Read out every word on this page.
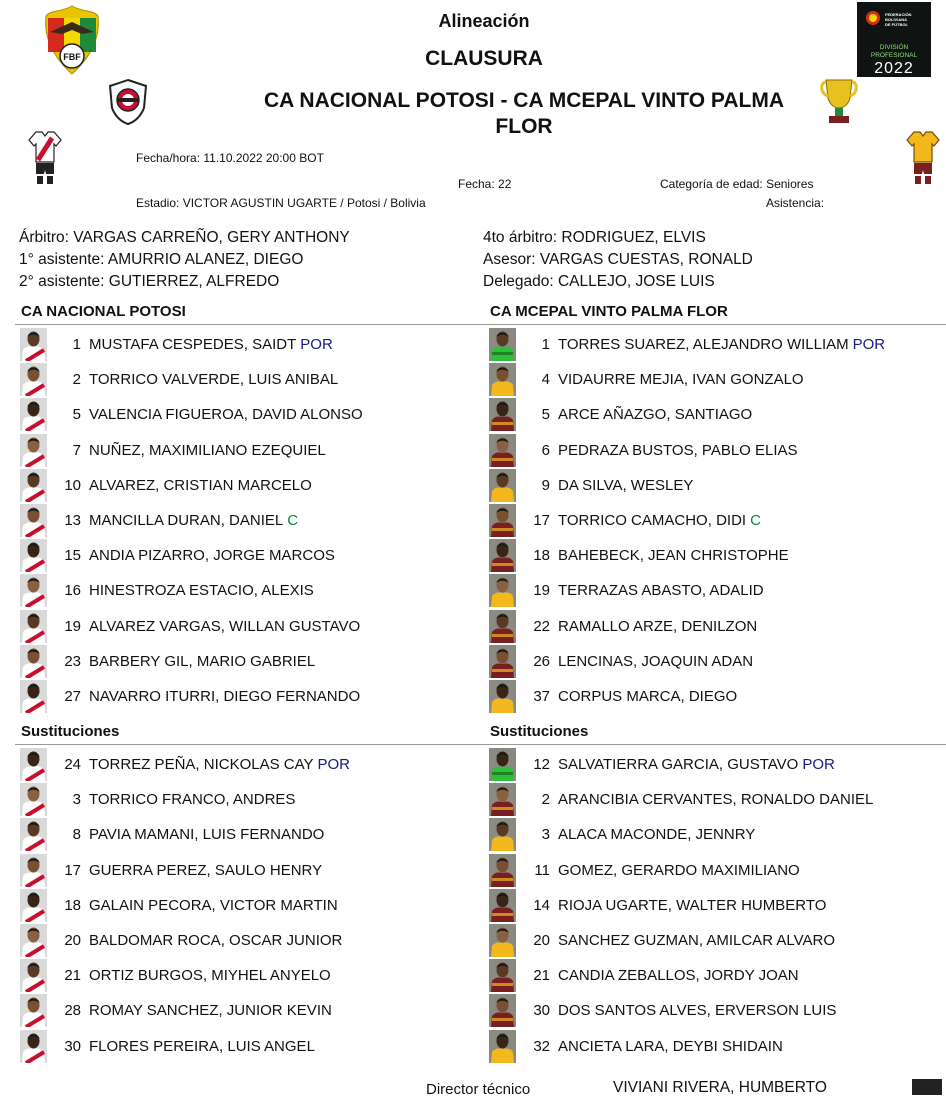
FBF
FEDERACIÓN
BOLIVIANA
DE FÚTBOL
DIVISIÓN
PROFESIONAL
2022
Alineación
CLAUSURA
CA NACIONAL POTOSI - CA MCEPAL VINTO PALMA
FLOR
Fecha/hora: 11.10.2022 20:00 BOT
Fecha: 22	Categoría de edad: Seniores
Estadio: VICTOR AGUSTIN UGARTE / Potosi / Bolivia	Asistencia:
Árbitro: VARGAS CARREÑO, GERY ANTHONY
1° asistente: AMURRIO ALANEZ, DIEGO
2° asistente: GUTIERREZ, ALFREDO
4to árbitro: RODRIGUEZ, ELVIS
Asesor: VARGAS CUESTAS, RONALD
Delegado: CALLEJO, JOSE LUIS
CA NACIONAL POTOSI	CA MCEPAL VINTO PALMA FLOR
Sustituciones	Sustituciones
1 MUSTAFA CESPEDES, SAIDT POR
2 TORRICO VALVERDE, LUIS ANIBAL
5 VALENCIA FIGUEROA, DAVID ALONSO
7 NUÑEZ, MAXIMILIANO EZEQUIEL
10 ALVAREZ, CRISTIAN MARCELO
13 MANCILLA DURAN, DANIEL C
15 ANDIA PIZARRO, JORGE MARCOS
16 HINESTROZA ESTACIO, ALEXIS
19 ALVAREZ VARGAS, WILLAN GUSTAVO
23 BARBERY GIL, MARIO GABRIEL
27 NAVARRO ITURRI, DIEGO FERNANDO
1 TORRES SUAREZ, ALEJANDRO WILLIAM POR
4 VIDAURRE MEJIA, IVAN GONZALO
5 ARCE AÑAZGO, SANTIAGO
6 PEDRAZA BUSTOS, PABLO ELIAS
9 DA SILVA, WESLEY
17 TORRICO CAMACHO, DIDI C
18 BAHEBECK, JEAN CHRISTOPHE
19 TERRAZAS ABASTO, ADALID
22 RAMALLO ARZE, DENILZON
26 LENCINAS, JOAQUIN ADAN
37 CORPUS MARCA, DIEGO
24 TORREZ PEÑA, NICKOLAS CAY POR
3 TORRICO FRANCO, ANDRES
8 PAVIA MAMANI, LUIS FERNANDO
17 GUERRA PEREZ, SAULO HENRY
18 GALAIN PECORA, VICTOR MARTIN
20 BALDOMAR ROCA, OSCAR JUNIOR
21 ORTIZ BURGOS, MIYHEL ANYELO
28 ROMAY SANCHEZ, JUNIOR KEVIN
30 FLORES PEREIRA, LUIS ANGEL
12 SALVATIERRA GARCIA, GUSTAVO POR
2 ARANCIBIA CERVANTES, RONALDO DANIEL
3 ALACA MACONDE, JENNRY
11 GOMEZ, GERARDO MAXIMILIANO
14 RIOJA UGARTE, WALTER HUMBERTO
20 SANCHEZ GUZMAN, AMILCAR ALVARO
21 CANDIA ZEBALLOS, JORDY JOAN
30 DOS SANTOS ALVES, ERVERSON LUIS
32 ANCIETA LARA, DEYBI SHIDAIN
Director técnico	VIVIANI RIVERA, HUMBERTO
